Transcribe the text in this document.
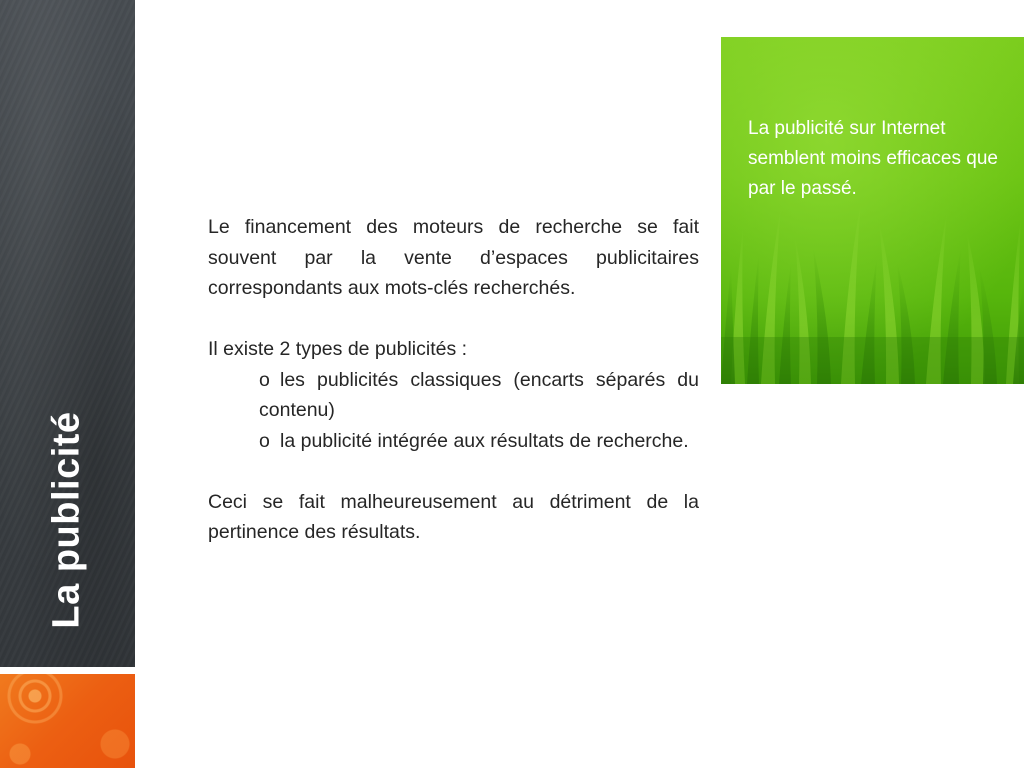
La publicité
La publicité sur Internet semblent moins efficaces que par le passé.

Le financement des moteurs de recherche se fait souvent par la vente d’espaces publicitaires correspondants aux mots-clés recherchés.

Il existe 2 types de publicités :

o les publicités classiques (encarts séparés du contenu)
o la publicité intégrée aux résultats de recherche.

Ceci se fait malheureusement au détriment de la pertinence des résultats.
